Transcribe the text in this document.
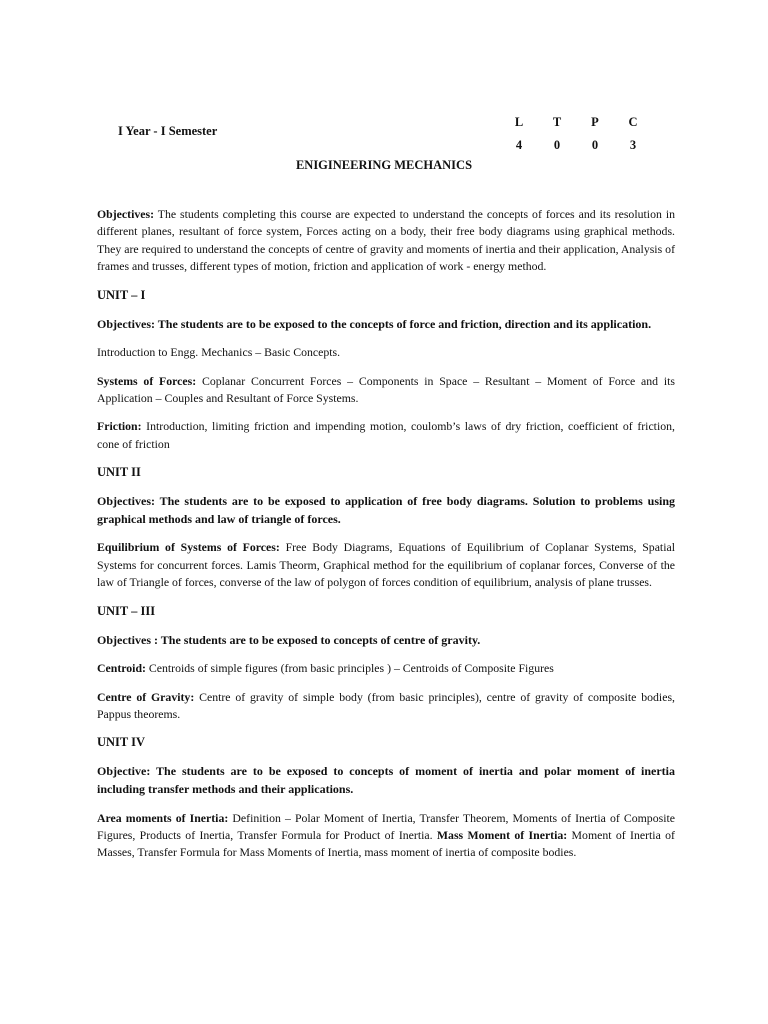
I Year - I Semester
L	T	P	C
4	0	0	3
ENIGINEERING MECHANICS

Objectives: The students completing this course are expected to understand the concepts of forces and its resolution in different planes, resultant of force system, Forces acting on a body, their free body diagrams using graphical methods. They are required to understand the concepts of centre of gravity and moments of inertia and their application, Analysis of frames and trusses, different types of motion, friction and application of work - energy method.

UNIT – I

Objectives: The students are to be exposed to the concepts of force and friction, direction and its application.

Introduction to Engg. Mechanics – Basic Concepts.

Systems of Forces: Coplanar Concurrent Forces – Components in Space – Resultant – Moment of Force and its Application – Couples and Resultant of Force Systems.

Friction: Introduction, limiting friction and impending motion, coulomb’s laws of dry friction, coefficient of friction, cone of friction

UNIT II

Objectives: The students are to be exposed to application of free body diagrams. Solution to problems using graphical methods and law of triangle of forces.

Equilibrium of Systems of Forces: Free Body Diagrams, Equations of Equilibrium of Coplanar Systems, Spatial Systems for concurrent forces. Lamis Theorm, Graphical method for the equilibrium of coplanar forces, Converse of the law of Triangle of forces, converse of the law of polygon of forces condition of equilibrium, analysis of plane trusses.

UNIT – III

Objectives : The students are to be exposed to concepts of centre of gravity.

Centroid: Centroids of simple figures (from basic principles ) – Centroids of Composite Figures

Centre of Gravity: Centre of gravity of simple body (from basic principles), centre of gravity of composite bodies, Pappus theorems.

UNIT IV

Objective: The students are to be exposed to concepts of moment of inertia and polar moment of inertia including transfer methods and their applications.

Area moments of Inertia: Definition – Polar Moment of Inertia, Transfer Theorem, Moments of Inertia of Composite Figures, Products of Inertia, Transfer Formula for Product of Inertia. Mass Moment of Inertia: Moment of Inertia of Masses, Transfer Formula for Mass Moments of Inertia, mass moment of inertia of composite bodies.
